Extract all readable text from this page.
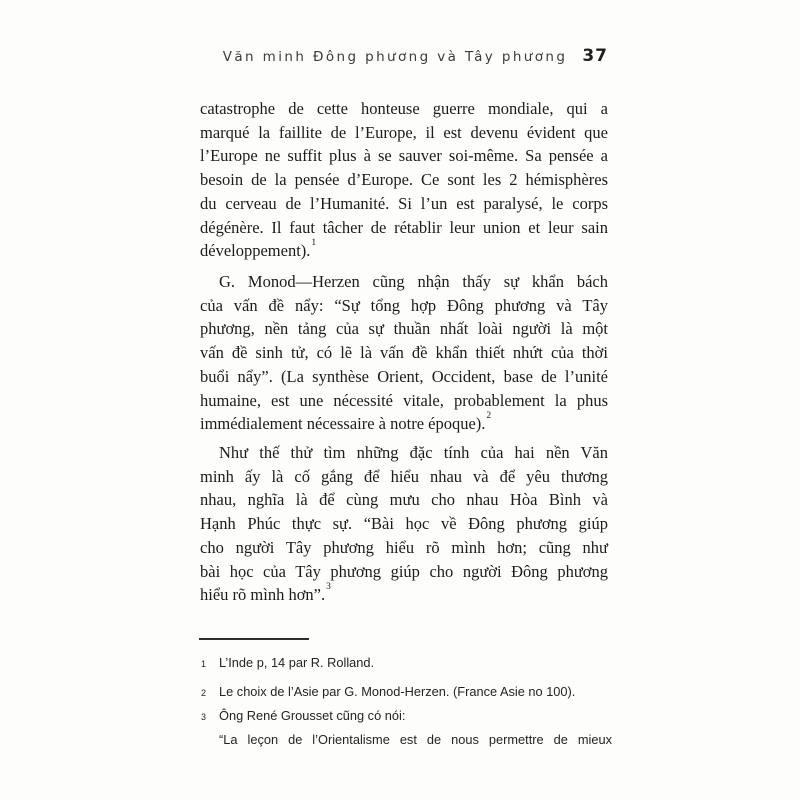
Văn minh Đông phương và Tây phương 37
catastrophe de cette honteuse guerre mondiale, qui a
marqué la faillite de l’Europe, il est devenu évident que
l’Europe ne suffit plus à se sauver soi-même. Sa pensée a
besoin de la pensée d’Europe. Ce sont les 2 hémisphères
du cerveau de l’Humanité. Si l’un est paralysé, le corps
dégénère. Il faut tâcher de rétablir leur union et leur sain
développement).$^1$
G. Monod—Herzen cũng nhận thấy sự khẩn bách
của vấn đề nẩy: “Sự tổng hợp Đông phương và Tây
phương, nền tảng của sự thuần nhất loài người là một
vấn đề sinh tử, có lẽ là vấn đề khẩn thiết nhứt của thời
buổi nẩy”. (La synthèse Orient, Occident, base de l’unité
humaine, est une nécessité vitale, probablement la phus
immédialement nécessaire à notre époque).$^2$
Như thế thử tìm những đặc tính của hai nền Văn
minh ấy là cố gắng để hiểu nhau và để yêu thương
nhau, nghĩa là để cùng mưu cho nhau Hòa Bình và
Hạnh Phúc thực sự. “Bài học về Đông phương giúp
cho người Tây phương hiểu rõ mình hơn; cũng như
bài học của Tây phương giúp cho người Đông phương
hiểu rõ mình hơn”.$^3$
1 L’Inde p, 14 par R. Rolland.
2 Le choix de l’Asie par G. Monod-Herzen. (France Asie no 100).
3 Ông René Grousset cũng có nói:
“La leçon de l’Orientalisme est de nous permettre de mieux
